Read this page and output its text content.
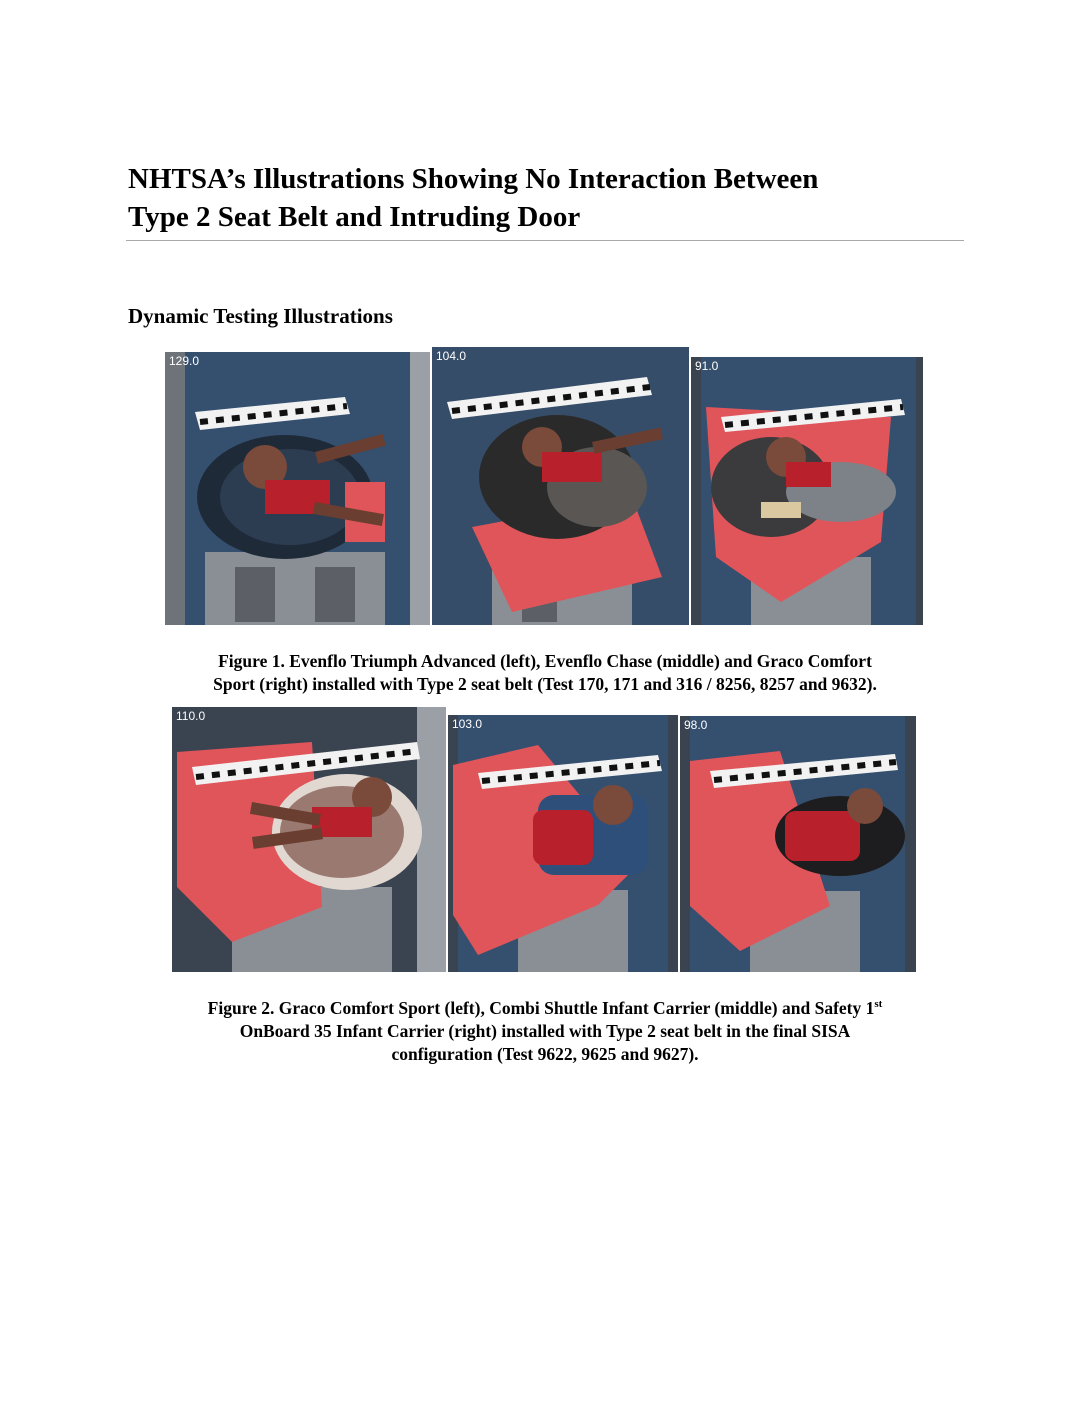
NHTSA’s Illustrations Showing No Interaction Between
Type 2 Seat Belt and Intruding Door
Dynamic Testing Illustrations
129.0	104.0
91.0

Figure 1. Evenflo Triumph Advanced (left), Evenflo Chase (middle) and Graco Comfort
Sport (right) installed with Type 2 seat belt (Test 170, 171 and 316 / 8256, 8257 and 9632).

110.0
103.0	98.0

Figure 2. Graco Comfort Sport (left), Combi Shuttle Infant Carrier (middle) and Safety 1st
OnBoard 35 Infant Carrier (right) installed with Type 2 seat belt in the final SISA
configuration (Test 9622, 9625 and 9627).
